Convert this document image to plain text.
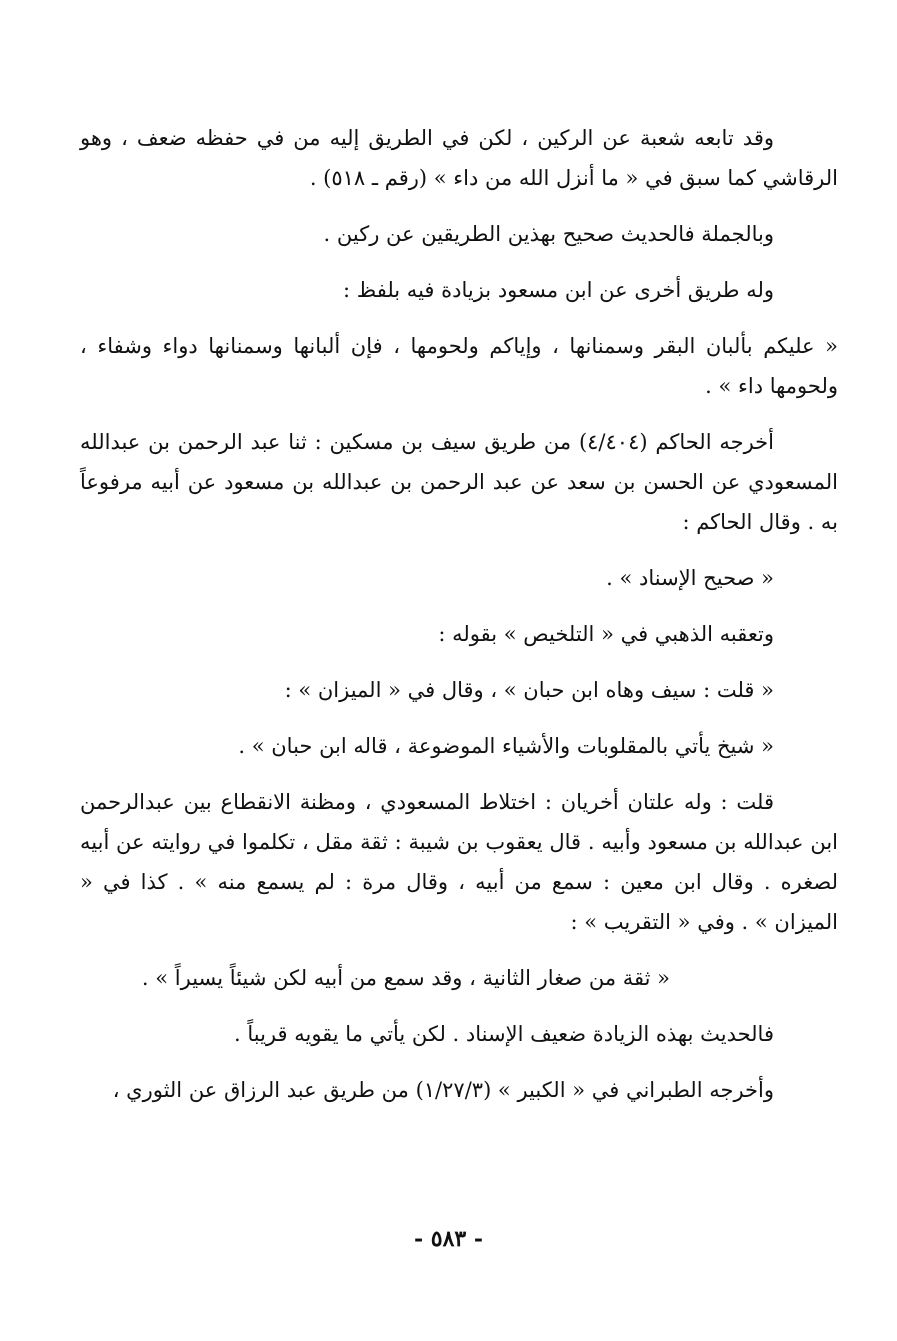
وقد تابعه شعبة عن الركين ، لكن في الطريق إليه من في حفظه ضعف ، وهو الرقاشي كما سبق في « ما أنزل الله من داء » (رقم ـ ٥١٨) .

وبالجملة فالحديث صحيح بهذين الطريقين عن ركين .

وله طريق أخرى عن ابن مسعود بزيادة فيه بلفظ :

« عليكم بألبان البقر وسمنانها ، وإياكم ولحومها ، فإن ألبانها وسمنانها دواء وشفاء ، ولحومها داء » .

أخرجه الحاكم (٤/٤٠٤) من طريق سيف بن مسكين : ثنا عبد الرحمن بن عبدالله المسعودي عن الحسن بن سعد عن عبد الرحمن بن عبدالله بن مسعود عن أبيه مرفوعاً به . وقال الحاكم :

« صحيح الإسناد » .

وتعقبه الذهبي في « التلخيص » بقوله :

« قلت : سيف وهاه ابن حبان » ، وقال في « الميزان » :

« شيخ يأتي بالمقلوبات والأشياء الموضوعة ، قاله ابن حبان » .

قلت : وله علتان أخريان : اختلاط المسعودي ، ومظنة الانقطاع بين عبدالرحمن ابن عبدالله بن مسعود وأبيه . قال يعقوب بن شيبة : ثقة مقل ، تكلموا في روايته عن أبيه لصغره . وقال ابن معين : سمع من أبيه ، وقال مرة : لم يسمع منه » . كذا في « الميزان » . وفي « التقريب » :

« ثقة من صغار الثانية ، وقد سمع من أبيه لكن شيئاً يسيراً » .

فالحديث بهذه الزيادة ضعيف الإسناد . لكن يأتي ما يقويه قريباً .

وأخرجه الطبراني في « الكبير » (١/٢٧/٣) من طريق عبد الرزاق عن الثوري ،

- ٥٨٣ -
